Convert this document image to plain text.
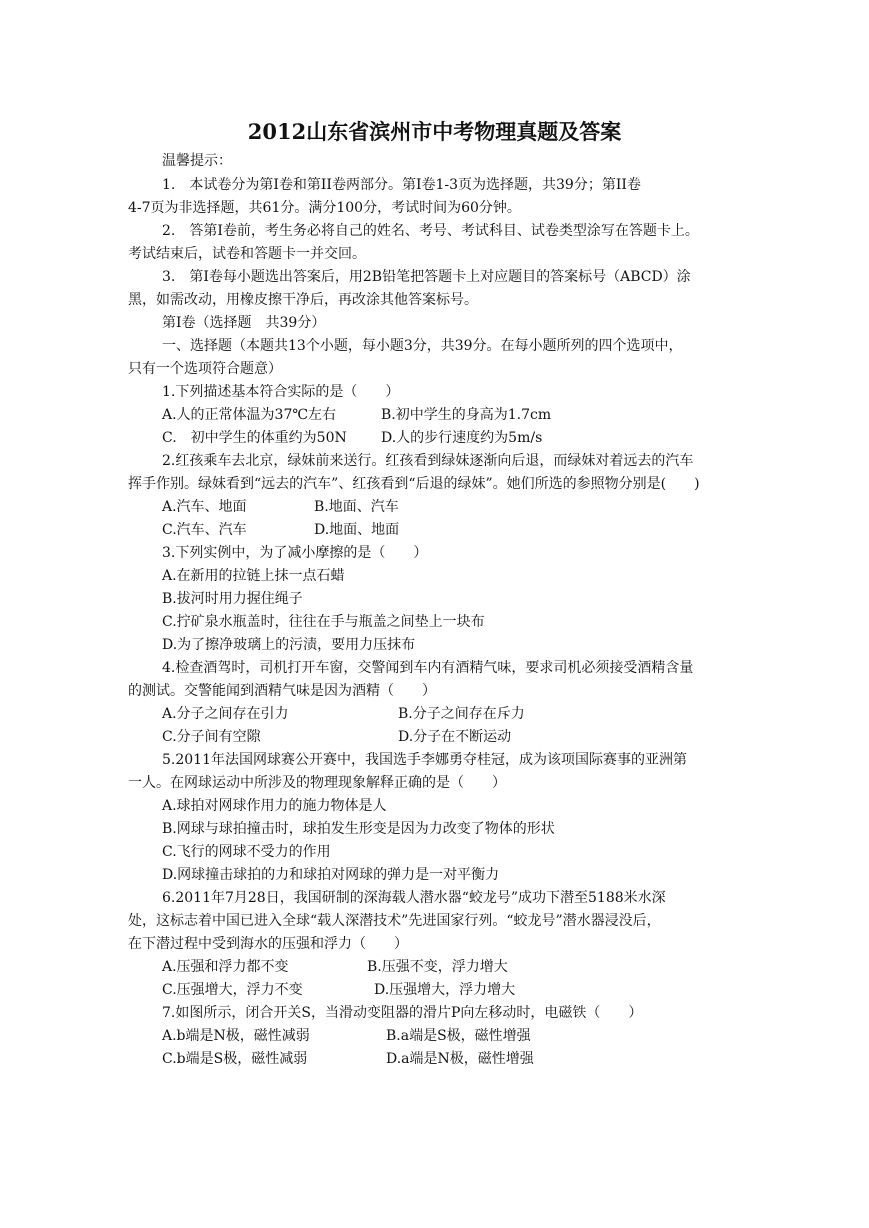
2012山东省滨州市中考物理真题及答案
温馨提示：
1.　本试卷分为第Ⅰ卷和第II卷两部分。第Ⅰ卷1-3页为选择题，共39分；第II卷
4-7页为非选择题，共61分。满分100分，考试时间为60分钟。
2.　答第Ⅰ卷前，考生务必将自己的姓名、考号、考试科目、试卷类型涂写在答题卡上。
考试结束后，试卷和答题卡一并交回。
3.　第Ⅰ卷每小题选出答案后，用2B铅笔把答题卡上对应题目的答案标号（ABCD）涂
黑，如需改动，用橡皮擦干净后，再改涂其他答案标号。
第Ⅰ卷（选择题　共39分）
一、选择题（本题共13个小题，每小题3分，共39分。在每小题所列的四个选项中，
只有一个选项符合题意）
1.下列描述基本符合实际的是（　　）
A.人的正常体温为37℃左右	B.初中学生的身高为1.7cm
C.　初中学生的体重约为50N D.人的步行速度约为5m/s
2.红孩乘车去北京，绿妹前来送行。红孩看到绿妹逐渐向后退，而绿妹对着远去的汽车
挥手作别。绿妹看到“远去的汽车”、红孩看到“后退的绿妹”。她们所选的参照物分别是(　　)
A.汽车、地面	B.地面、汽车
C.汽车、汽车	D.地面、地面
3.下列实例中，为了减小摩擦的是（　　）
A.在新用的拉链上抹一点石蜡
B.拔河时用力握住绳子
C.拧矿泉水瓶盖时，往往在手与瓶盖之间垫上一块布
D.为了擦净玻璃上的污渍，要用力压抹布
4.检查酒驾时，司机打开车窗，交警闻到车内有酒精气味，要求司机必须接受酒精含量
的测试。交警能闻到酒精气味是因为酒精（　　）
A.分子之间存在引力	B.分子之间存在斥力
C.分子间有空隙	D.分子在不断运动
5.2011年法国网球赛公开赛中，我国选手李娜勇夺桂冠，成为该项国际赛事的亚洲第
一人。在网球运动中所涉及的物理现象解释正确的是（　　）
A.球拍对网球作用力的施力物体是人
B.网球与球拍撞击时，球拍发生形变是因为力改变了物体的形状
C.飞行的网球不受力的作用
D.网球撞击球拍的力和球拍对网球的弹力是一对平衡力
6.2011年7月28日，我国研制的深海载人潜水器“蛟龙号”成功下潜至5188米水深
处，这标志着中国已进入全球“载人深潜技术”先进国家行列。“蛟龙号”潜水器浸没后，
在下潜过程中受到海水的压强和浮力（　　）
A.压强和浮力都不变	B.压强不变，浮力增大
C.压强增大，浮力不变	D.压强增大，浮力增大
7.如图所示，闭合开关S，当滑动变阻器的滑片P向左移动时，电磁铁（　　）
A.b端是N极，磁性减弱	B.a端是S极，磁性增强
C.b端是S极，磁性减弱	D.a端是N极，磁性增强
